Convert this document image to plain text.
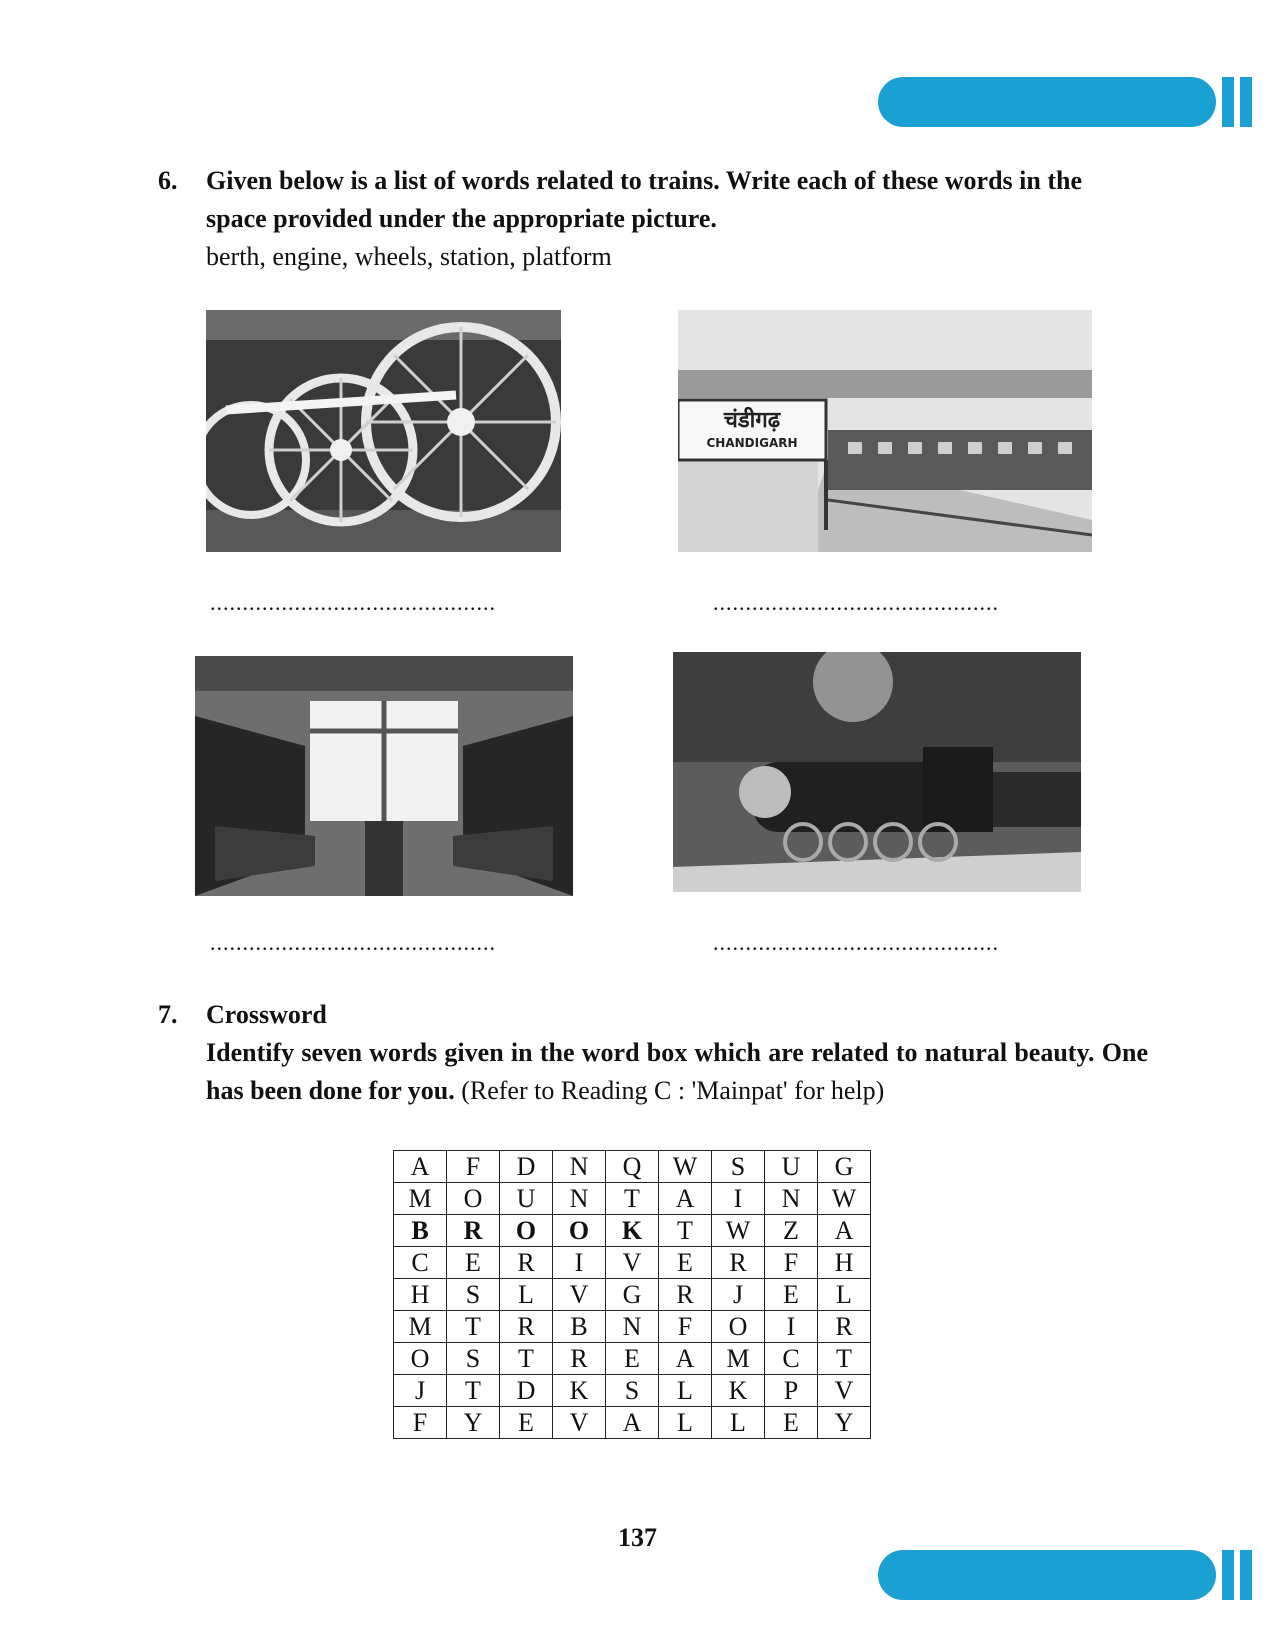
6. Given below is a list of words related to trains. Write each of these words in the space provided under the appropriate picture.
berth, engine, wheels, station, platform
चंडीगढ़
CHANDIGARH
............................................	............................................
............................................	............................................
7. Crossword
Identify seven words given in the word box which are related to natural beauty. One has been done for you. (Refer to Reading C : 'Mainpat' for help)
A	F	D	N	Q	W	S	U	G
M	O	U	N	T	A	I	N	W
B	R	O	O	K	T	W	Z	A
C	E	R	I	V	E	R	F	H
H	S	L	V	G	R	J	E	L
M	T	R	B	N	F	O	I	R
O	S	T	R	E	A	M	C	T
J	T	D	K	S	L	K	P	V
F	Y	E	V	A	L	L	E	Y
137
